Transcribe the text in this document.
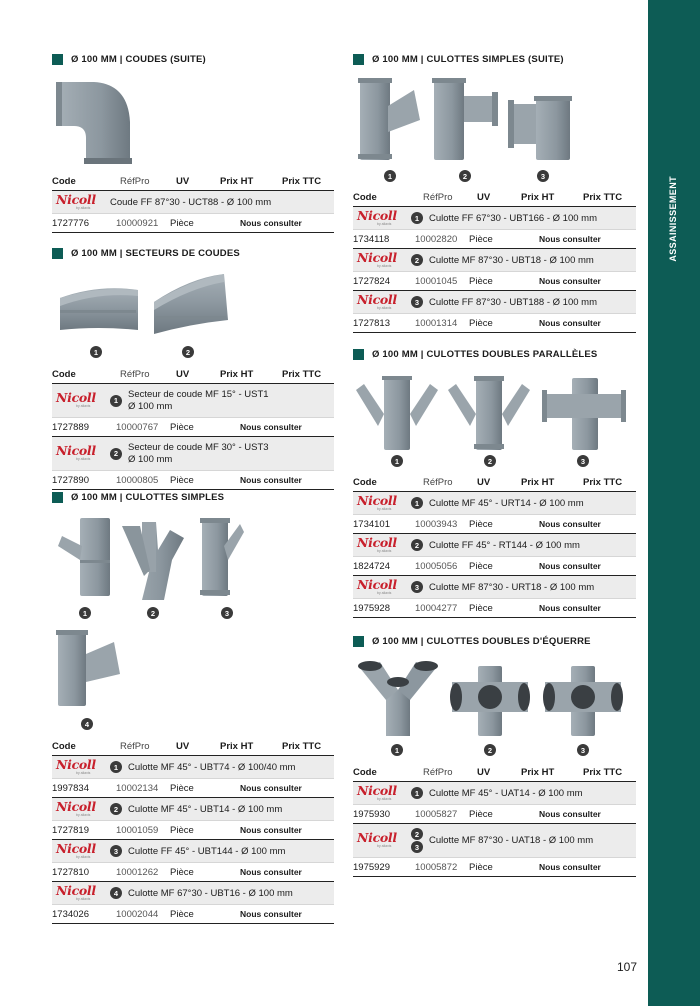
ASSAINISSEMENT
Ø 100 MM | COUDES (SUITE)
Code	RéfPro	UV	Prix HT	Prix TTC
Nicoll
by aliaxis	Coude FF 87°30 - UCT88 - Ø 100 mm
1727776	10000921	Pièce	Nous consulter
Ø 100 MM | SECTEURS DE COUDES
1	2
Code	RéfPro	UV	Prix HT	Prix TTC
Nicoll
by aliaxis
1
Secteur de coude MF 15° - UST1
Ø 100 mm
1727889	10000767	Pièce	Nous consulter
Nicoll
by aliaxis
2
Secteur de coude MF 30° - UST3
Ø 100 mm
1727890	10000805	Pièce	Nous consulter
Ø 100 MM | CULOTTES SIMPLES
1	2	3
4
Code	RéfPro	UV	Prix HT	Prix TTC
Nicoll
by aliaxis
1	Culotte MF 45° - UBT74 - Ø 100/40 mm
1997834	10002134	Pièce	Nous consulter
Nicoll
by aliaxis
2	Culotte MF 45° - UBT14 - Ø 100 mm
1727819	10001059	Pièce	Nous consulter
Nicoll
by aliaxis
3	Culotte FF 45° - UBT144 - Ø 100 mm
1727810	10001262	Pièce	Nous consulter
Nicoll
by aliaxis
4	Culotte MF 67°30 - UBT16 - Ø 100 mm
1734026	10002044	Pièce	Nous consulter
Ø 100 MM | CULOTTES SIMPLES (SUITE)
1	2	3
Code	RéfPro	UV	Prix HT	Prix TTC
Nicoll
by aliaxis
1	Culotte FF 67°30 - UBT166 - Ø 100 mm
1734118	10002820	Pièce	Nous consulter
Nicoll
by aliaxis
2	Culotte MF 87°30 - UBT18 - Ø 100 mm
1727824	10001045	Pièce	Nous consulter
Nicoll
by aliaxis
3	Culotte FF 87°30 - UBT188 - Ø 100 mm
1727813	10001314	Pièce	Nous consulter
Ø 100 MM | CULOTTES DOUBLES PARALLÈLES
1	2	3
Code	RéfPro	UV	Prix HT	Prix TTC
Nicoll
by aliaxis
1	Culotte MF 45° - URT14 - Ø 100 mm
1734101	10003943	Pièce	Nous consulter
Nicoll
by aliaxis
2	Culotte FF 45° - RT144 - Ø 100 mm
1824724	10005056	Pièce	Nous consulter
Nicoll
by aliaxis
3	Culotte MF 87°30 - URT18 - Ø 100 mm
1975928	10004277	Pièce	Nous consulter
Ø 100 MM | CULOTTES DOUBLES D'ÉQUERRE
1	2	3
Code	RéfPro	UV	Prix HT	Prix TTC
Nicoll
by aliaxis
1	Culotte MF 45° - UAT14 - Ø 100 mm
1975930	10005827	Pièce	Nous consulter
Nicoll
by aliaxis
2
3
Culotte MF 87°30 - UAT18 - Ø 100 mm
1975929	10005872	Pièce	Nous consulter
107
